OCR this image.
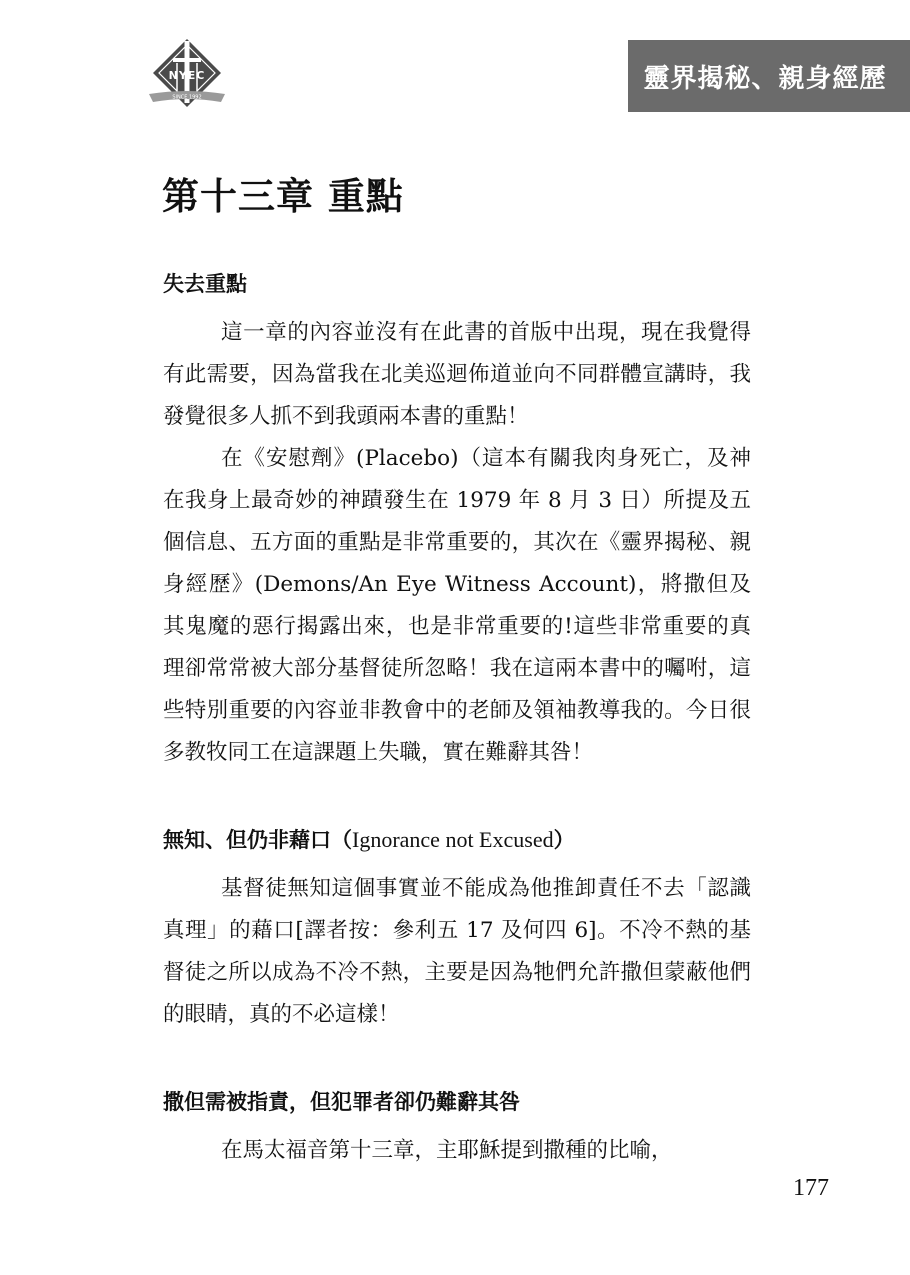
NYEC
SINCE 1992
靈界揭秘、親身經歷
第十三章 重點
失去重點

這一章的內容並沒有在此書的首版中出現，現在我覺得有此需要，因為當我在北美巡迴佈道並向不同群體宣講時，我發覺很多人抓不到我頭兩本書的重點！

在《安慰劑》(Placebo)（這本有關我肉身死亡，及神在我身上最奇妙的神蹟發生在 1979 年 8 月 3 日）所提及五個信息、五方面的重點是非常重要的，其次在《靈界揭秘、親身經歷》(Demons/An Eye Witness Account)，將撒但及其鬼魔的惡行揭露出來，也是非常重要的!這些非常重要的真理卻常常被大部分基督徒所忽略！我在這兩本書中的囑咐，這些特別重要的內容並非教會中的老師及領袖教導我的。今日很多教牧同工在這課題上失職，實在難辭其咎！

無知、但仍非藉口（Ignorance not Excused）

基督徒無知這個事實並不能成為他推卸責任不去「認識真理」的藉口[譯者按：參利五 17 及何四 6]。不冷不熱的基督徒之所以成為不冷不熱，主要是因為牠們允許撒但蒙蔽他們的眼睛，真的不必這樣！

撒但需被指責，但犯罪者卻仍難辭其咎

在馬太福音第十三章，主耶穌提到撒種的比喻，

177
